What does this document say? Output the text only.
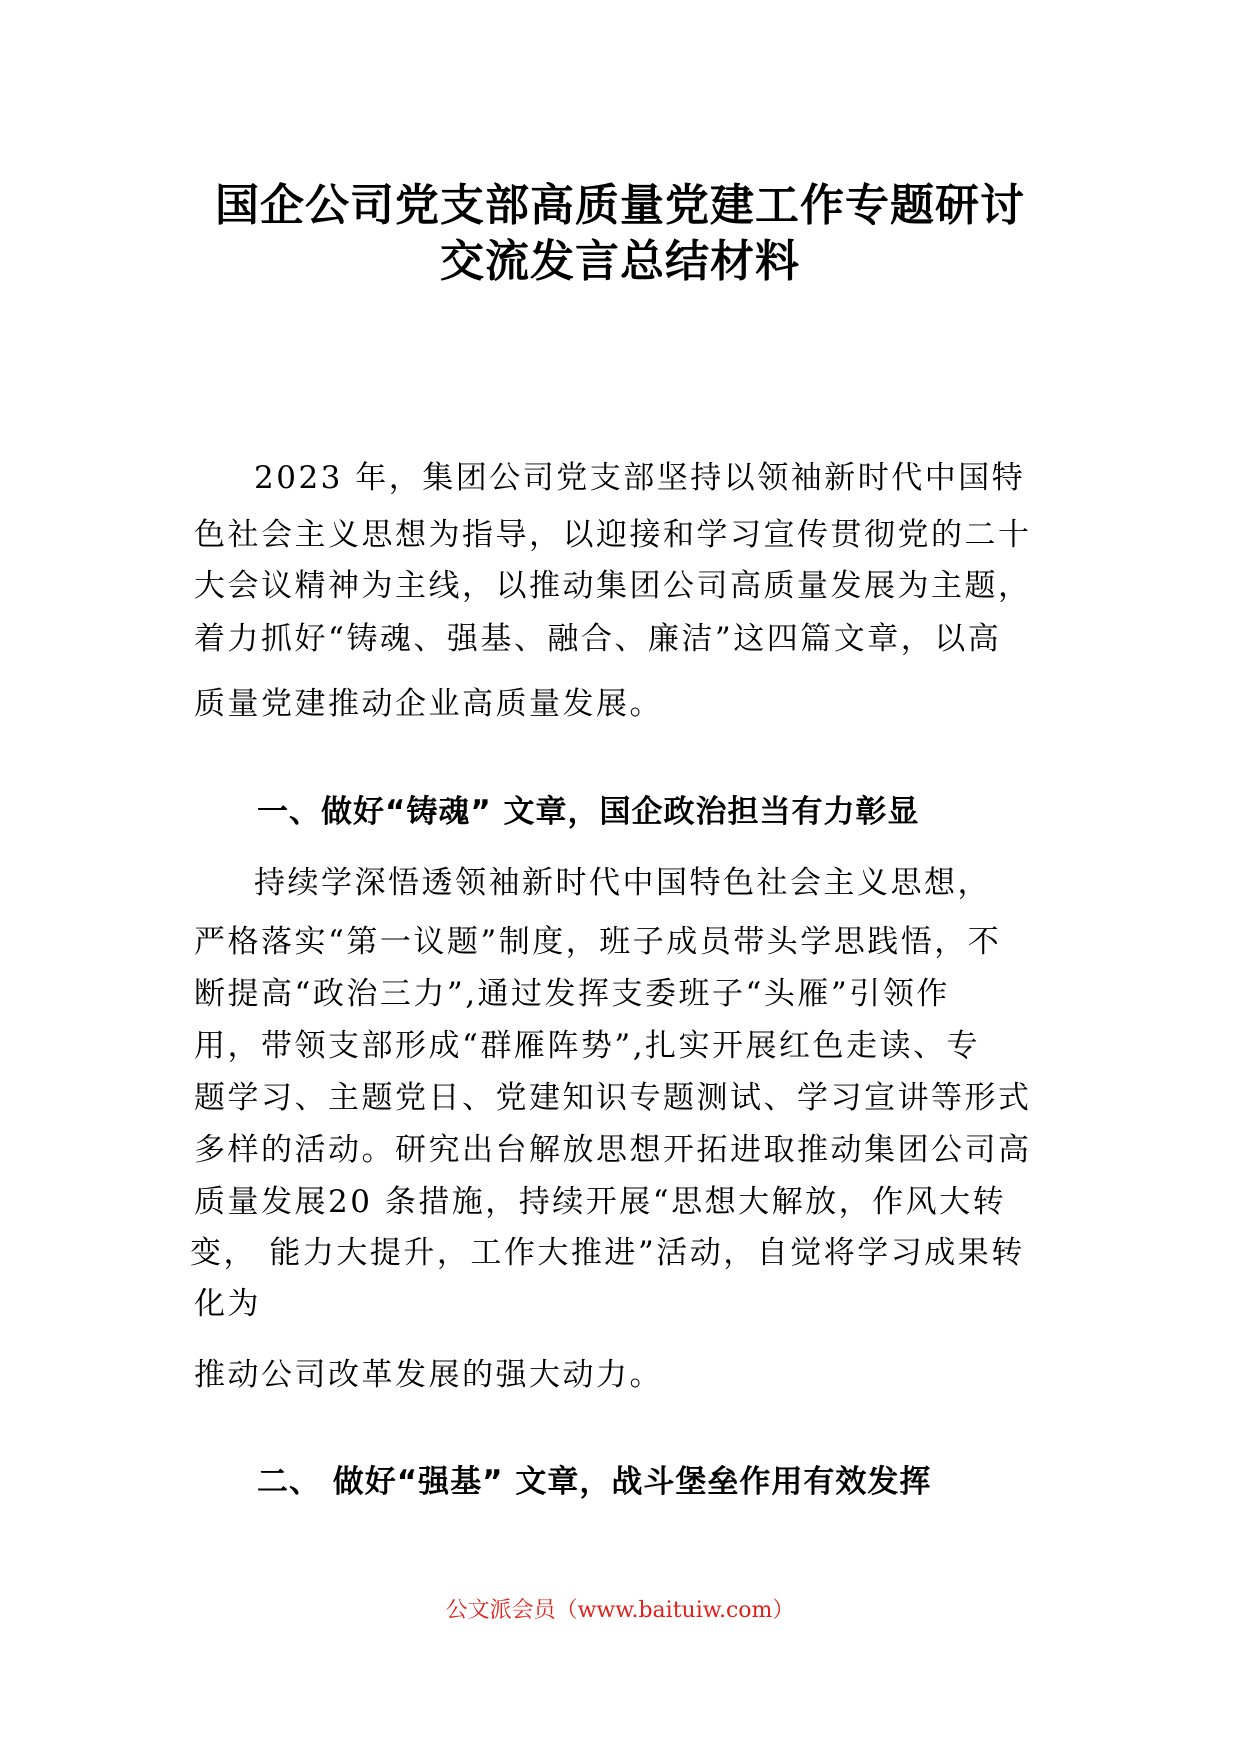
国企公司党支部高质量党建工作专题研讨
交流发言总结材料
2023 年，集团公司党支部坚持以领袖新时代中国特
色社会主义思想为指导，以迎接和学习宣传贯彻党的二十
大会议精神为主线，以推动集团公司高质量发展为主题，
着力抓好“铸魂、强基、融合、廉洁”这四篇文章，以高
质量党建推动企业高质量发展。
一、做好“铸魂” 文章，国企政治担当有力彰显
持续学深悟透领袖新时代中国特色社会主义思想，
严格落实“第一议题”制度，班子成员带头学思践悟，不
断提高“政治三力”,通过发挥支委班子“头雁”引领作
用，带领支部形成“群雁阵势”,扎实开展红色走读、专
题学习、主题党日、党建知识专题测试、学习宣讲等形式
多样的活动。研究出台解放思想开拓进取推动集团公司高
质量发展20 条措施，持续开展“思想大解放，作风大转
变， 能力大提升，工作大推进”活动，自觉将学习成果转
化为
推动公司改革发展的强大动力。
二、 做好“强基” 文章，战斗堡垒作用有效发挥
公文派会员（www.baituiw.com）
